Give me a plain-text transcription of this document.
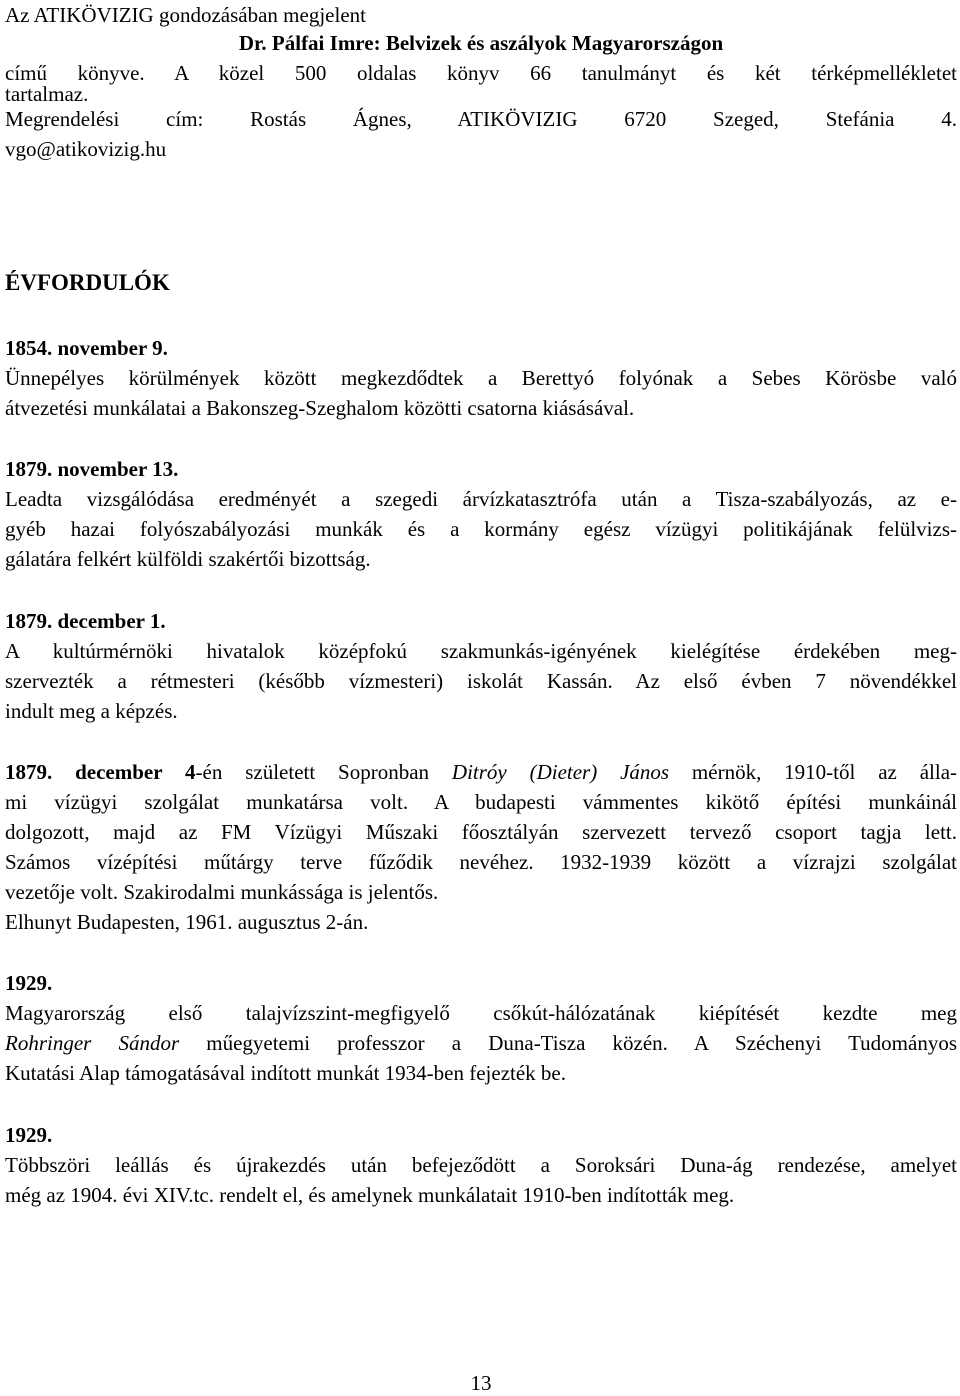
Az ATIKÖVIZIG gondozásában megjelent
Dr. Pálfai Imre: Belvizek és aszályok Magyarországon
című könyve. A közel 500 oldalas könyv 66 tanulmányt és két térképmellékletet
tartalmaz.
Megrendelési cím: Rostás Ágnes, ATIKÖVIZIG 6720 Szeged, Stefánia 4.
vgo@atikovizig.hu
ÉVFORDULÓK
1854. november 9.
Ünnepélyes körülmények között megkezdődtek a Berettyó folyónak a Sebes Körösbe való
átvezetési munkálatai a Bakonszeg-Szeghalom közötti csatorna kiásásával.
1879. november 13.
Leadta vizsgálódása eredményét a szegedi árvízkatasztrófa után a Tisza-szabályozás, az e-
gyéb hazai folyószabályozási munkák és a kormány egész vízügyi politikájának felülvizs-
gálatára felkért külföldi szakértői bizottság.
1879. december 1.
A kultúrmérnöki hivatalok középfokú szakmunkás-igényének kielégítése érdekében meg-
szervezték a rétmesteri (később vízmesteri) iskolát Kassán. Az első évben 7 növendékkel
indult meg a képzés.
1879. december 4-én született Sopronban Ditróy (Dieter) János mérnök, 1910-től az álla-
mi vízügyi szolgálat munkatársa volt. A budapesti vámmentes kikötő építési munkáinál
dolgozott, majd az FM Vízügyi Műszaki főosztályán szervezett tervező csoport tagja lett.
Számos vízépítési műtárgy terve fűződik nevéhez. 1932-1939 között a vízrajzi szolgálat
vezetője volt. Szakirodalmi munkássága is jelentős.
Elhunyt Budapesten, 1961. augusztus 2-án.
1929.
Magyarország első talajvízszint-megfigyelő csőkút-hálózatának kiépítését kezdte meg
Rohringer Sándor műegyetemi professzor a Duna-Tisza közén. A Széchenyi Tudományos
Kutatási Alap támogatásával indított munkát 1934-ben fejezték be.
1929.
Többszöri leállás és újrakezdés után befejeződött a Soroksári Duna-ág rendezése, amelyet
még az 1904. évi XIV.tc. rendelt el, és amelynek munkálatait 1910-ben indították meg.
13
